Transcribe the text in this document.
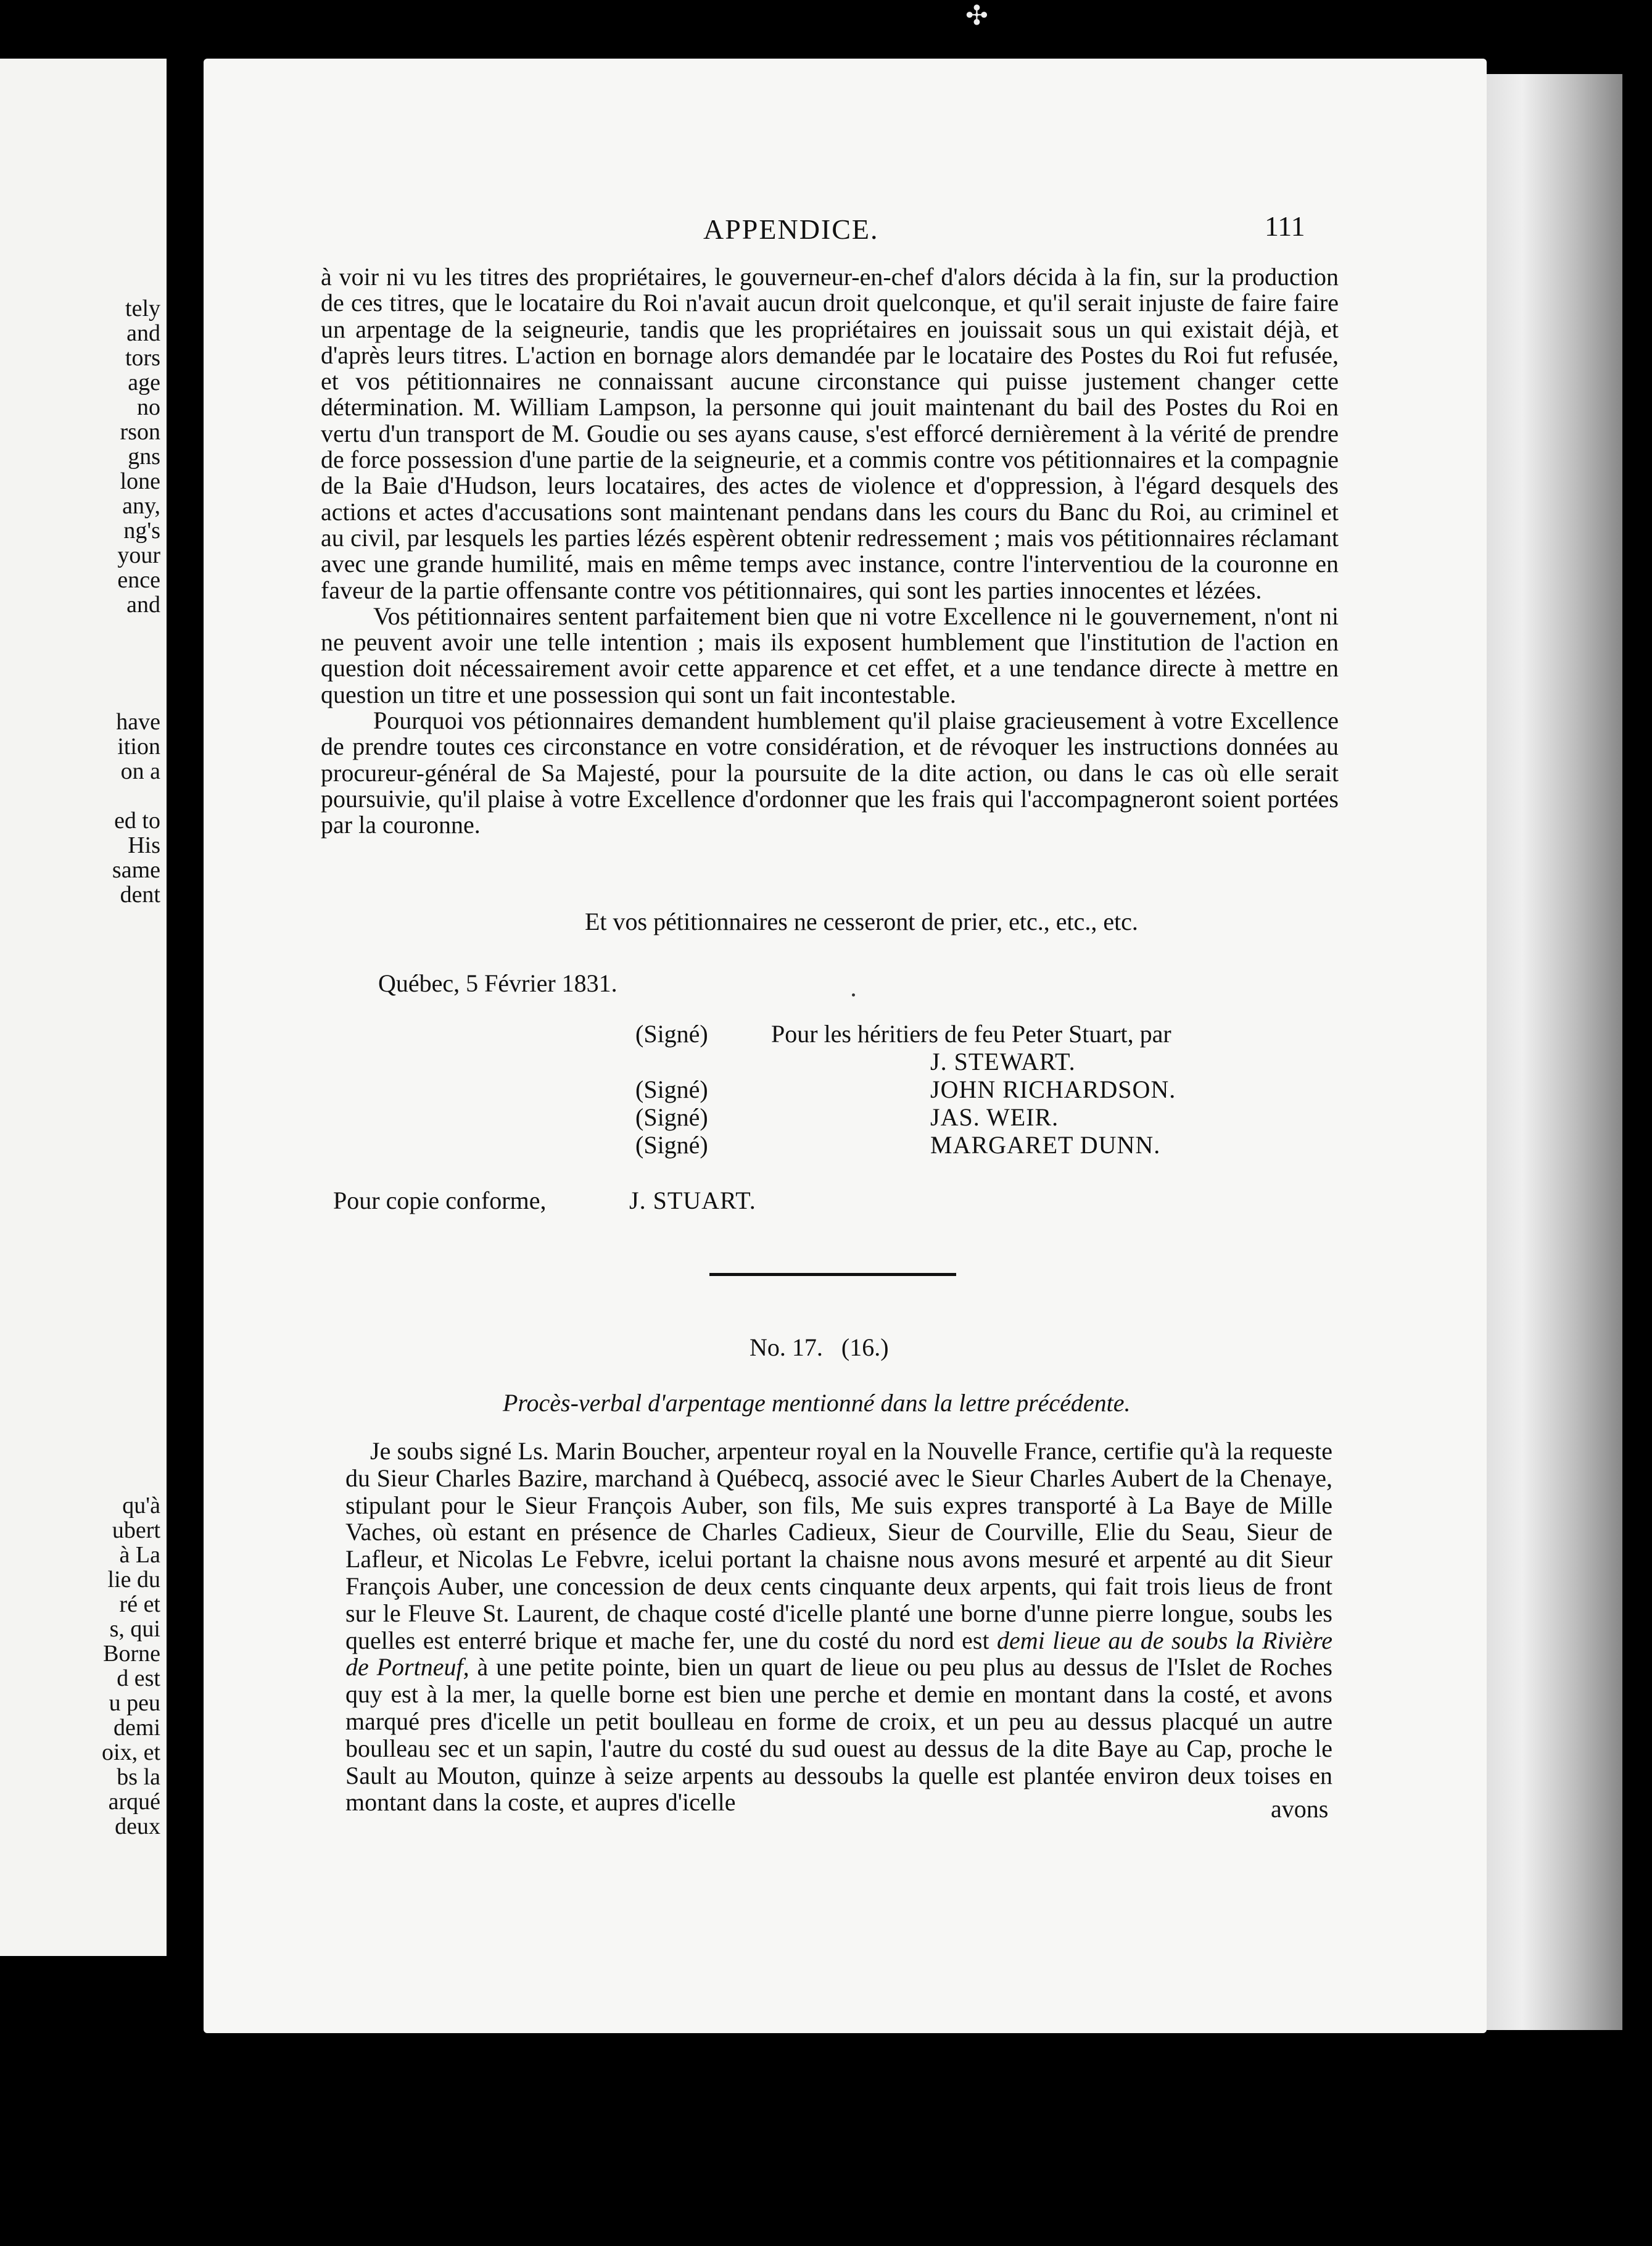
tely
and
tors
age
no
rson
gns
lone
any,
ng's
your
ence
and
have
ition
on a

ed to
His
same
dent
qu'à
ubert
à La
lie du
ré et
s, qui
Borne
d est
u peu
demi
oix, et
bs la
arqué
deux
APPENDICE.	111

à voir ni vu les titres des propriétaires, le gouverneur-en-chef d'alors décida à la fin, sur la production de ces titres, que le locataire du Roi n'avait aucun droit quelconque, et qu'il serait injuste de faire faire un arpentage de la seigneurie, tandis que les propriétaires en jouissait sous un qui existait déjà, et d'après leurs titres. L'action en bornage alors demandée par le locataire des Postes du Roi fut refusée, et vos pétitionnaires ne connaissant aucune circonstance qui puisse justement changer cette détermination. M. William Lampson, la personne qui jouit maintenant du bail des Postes du Roi en vertu d'un transport de M. Goudie ou ses ayans cause, s'est efforcé dernièrement à la vérité de prendre de force possession d'une partie de la seigneurie, et a commis contre vos pétitionnaires et la compagnie de la Baie d'Hudson, leurs locataires, des actes de violence et d'oppression, à l'égard desquels des actions et actes d'accusations sont maintenant pendans dans les cours du Banc du Roi, au criminel et au civil, par lesquels les parties lézés espèrent obtenir redressement ; mais vos pétitionnaires réclamant avec une grande humilité, mais en même temps avec instance, contre l'interventiou de la couronne en faveur de la partie offensante contre vos pétitionnaires, qui sont les parties innocentes et lézées.

Vos pétitionnaires sentent parfaitement bien que ni votre Excellence ni le gouvernement, n'ont ni ne peuvent avoir une telle intention ; mais ils exposent humblement que l'institution de l'action en question doit nécessairement avoir cette apparence et cet effet, et a une tendance directe à mettre en question un titre et une possession qui sont un fait incontestable.

Pourquoi vos pétionnaires demandent humblement qu'il plaise gracieusement à votre Excellence de prendre toutes ces circonstance en votre considération, et de révoquer les instructions données au procureur-général de Sa Majesté, pour la poursuite de la dite action, ou dans le cas où elle serait poursuivie, qu'il plaise à votre Excellence d'ordonner que les frais qui l'accompagneront soient portées par la couronne.

Et vos pétitionnaires ne cesseront de prier, etc., etc., etc.
Québec, 5 Février 1831.
(Signé)	Pour les héritiers de feu Peter Stuart, par
J. STEWART.
(Signé)	JOHN RICHARDSON.
(Signé)	JAS. WEIR.
(Signé)	MARGARET DUNN.
Pour copie conforme,	J. STUART.
No. 17.   (16.)
Procès-verbal d'arpentage mentionné dans la lettre précédente.

Je soubs signé Ls. Marin Boucher, arpenteur royal en la Nouvelle France, certifie qu'à la requeste du Sieur Charles Bazire, marchand à Québecq, associé avec le Sieur Charles Aubert de la Chenaye, stipulant pour le Sieur François Auber, son fils, Me suis expres transporté à La Baye de Mille Vaches, où estant en présence de Charles Cadieux, Sieur de Courville, Elie du Seau, Sieur de Lafleur, et Nicolas Le Febvre, icelui portant la chaisne nous avons mesuré et arpenté au dit Sieur François Auber, une concession de deux cents cinquante deux arpents, qui fait trois lieus de front sur le Fleuve St. Laurent, de chaque costé d'icelle planté une borne d'unne pierre longue, soubs les quelles est enterré brique et mache fer, une du costé du nord est demi lieue au de soubs la Rivière de Portneuf, à une petite pointe, bien un quart de lieue ou peu plus au dessus de l'Islet de Roches quy est à la mer, la quelle borne est bien une perche et demie en montant dans la costé, et avons marqué pres d'icelle un petit boulleau en forme de croix, et un peu au dessus placqué un autre boulleau sec et un sapin, l'autre du costé du sud ouest au dessus de la dite Baye au Cap, proche le Sault au Mouton, quinze à seize arpents au dessoubs la quelle est plantée environ deux toises en montant dans la coste, et aupres d'icelle	avons
✣
